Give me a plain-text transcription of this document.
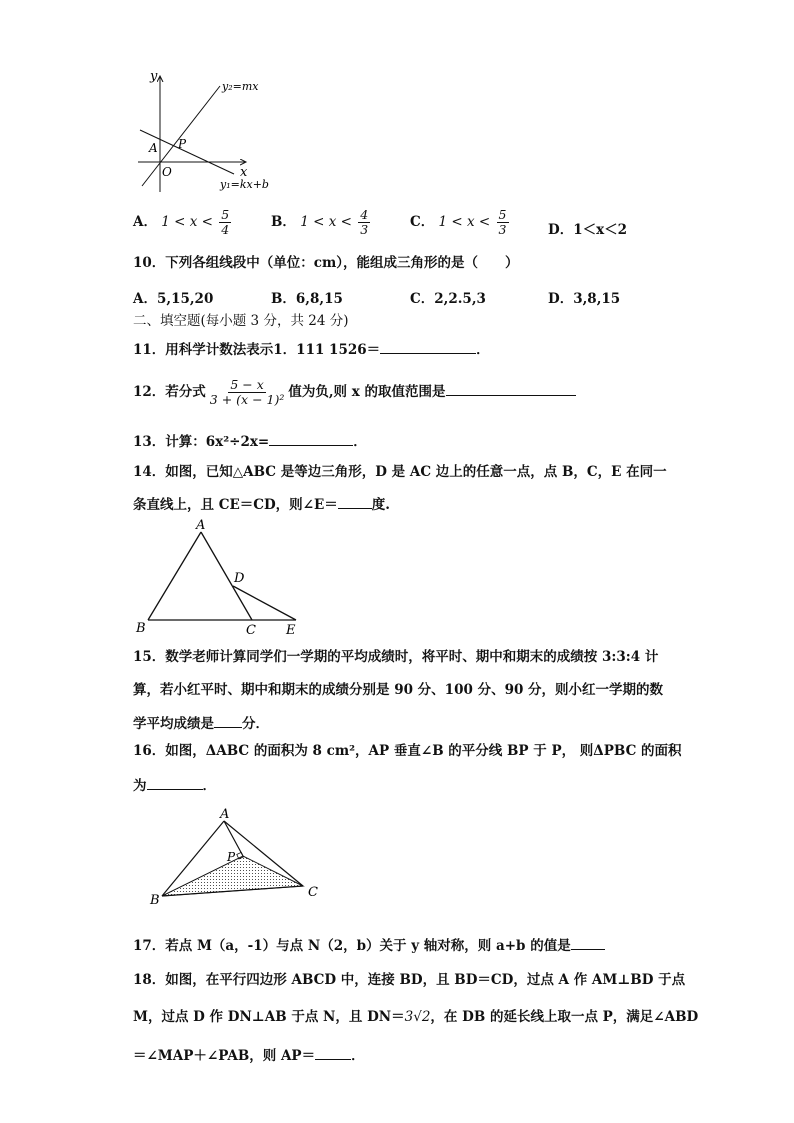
y
x
O
A P
y₂=mx
y₁=kx+b
A． $1 < x < \frac{5}{4}$	B． $1 < x < \frac{4}{3}$	C． $1 < x < \frac{5}{3}$	D．1＜x＜2
10．下列各组线段中（单位：cm），能组成三角形的是（　　）
A．5,15,20	B．6,8,15	C．2,2.5,3	D．3,8,15
二、填空题(每小题 3 分，共 24 分)
11．用科学计数法表示1．111 1526＝	．
12．若分式 $\frac{5 - x}{\text{3 + (x − 1)²}}$ 值为负,则 x 的取值范围是
13．计算：6x²÷2x=	．
14．如图，已知△ABC 是等边三角形，D 是 AC 边上的任意一点，点 B，C，E 在同一
条直线上，且 CE＝CD，则∠E＝	度.
A
B	C
D
E
15．数学老师计算同学们一学期的平均成绩时，将平时、期中和期末的成绩按 3:3:4 计
算，若小红平时、期中和期末的成绩分别是 90 分、100 分、90 分，则小红一学期的数
学平均成绩是 分．
16．如图，ΔABC 的面积为 8 cm²，AP 垂直∠B 的平分线 BP 于 P， 则ΔPBC 的面积
为	．
A
B
C
P
17．若点 M（a，-1）与点 N（2，b）关于 y 轴对称，则 a+b 的值是
18．如图，在平行四边形 ABCD 中，连接 BD，且 BD＝CD，过点 A 作 AM⊥BD 于点
M，过点 D 作 DN⊥AB 于点 N，且 DN＝3√2，在 DB 的延长线上取一点 P，满足∠ABD
＝∠MAP＋∠PAB，则 AP＝	．
